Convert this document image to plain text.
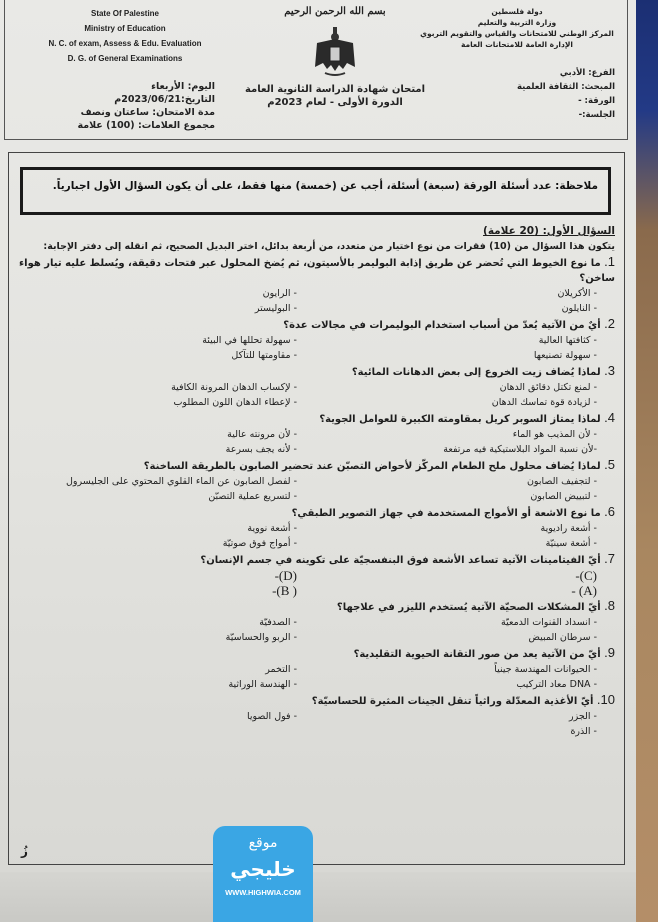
State Of Palestine
Ministry of Education
N. C. of exam, Assess & Edu. Evaluation
D. G. of General Examinations
اليوم: الأربعاء
التاريخ:2023/06/21م
مدة الامتحان: ساعتان ونصف
مجموع العلامات: (100) علامة
بسم الله الرحمن الرحيم
امتحان شهادة الدراسة الثانوية العامة
الدورة الأولى - لعام 2023م
دولة فلسطين
وزارة التربية والتعليم
المركز الوطني للامتحانات والقياس والتقويم التربوي
الإدارة العامة للامتحانات العامة
الفرع: الأدبي
المبحث: الثقافة العلمية
الورقة: -
الجلسة:-
ملاحظة: عدد أسئلة الورقة (سبعة) أسئلة، أجب عن (خمسة) منها فقط، على أن يكون السؤال الأول اجبارياً.
السؤال الأول: (20 علامة)
يتكون هذا السؤال من (10) فقرات من نوع اختيار من متعدد، من أربعة بدائل، اختر البديل الصحيح، ثم انقله إلى دفتر الإجابة:
1. ما نوع الخيوط التي تُحضر عن طريق إذابة البوليمر بالأسيتون، ثم يُضخ المحلول عبر فتحات دقيقة، ويُسلط عليه تيار هواء ساخن؟
- الأكريلان
- الرايون
- النايلون
- البوليستر
2. أيٌ من الآتية يُعدّ من أسباب استخدام البوليمرات في مجالات عدة؟
- كثافتها العالية
- سهولة تحللها في البيئة
- سهولة تصنيعها
- مقاومتها للتآكل
3. لماذا يُضاف زيت الخروع إلى بعض الدهانات المائية؟
- لمنع تكتل دقائق الدهان
- لإكساب الدهان المرونة الكافية
- لزيادة قوة تماسك الدهان
- لإعطاء الدهان اللون المطلوب
4. لماذا يمتاز السوبر كريل بمقاومته الكبيرة للعوامل الجوية؟
- لأن المذيب هو الماء
- لأن مرونته عالية
-لأن نسبة المواد البلاستيكية فيه مرتفعة
- لأنه يجف بسرعة
5. لماذا يُضاف محلول ملح الطعام المركّز لأحواض التصبّن عند تحضير الصابون بالطريقة الساخنة؟
- لتجفيف الصابون
- لفصل الصابون عن الماء القلوي المحتوي على الجليسرول
- لتبييض الصابون
- لتسريع عملية التصبّن
6. ما نوع الاشعة أو الأمواج المستخدمة في جهاز التصوير الطبقي؟
- أشعة راديوية
- أشعة نووية
- أشعة سينيّة
- أمواج فوق صوتيّة
7. أيّ الفيتامينات الآتية تساعد الأشعة فوق البنفسجيّة على تكوينه في جسم الإنسان؟
(C)-
(D)-
(A) -
( B)-
8. أيّ المشكلات الصحيّة الآتية يُستخدم الليزر في علاجها؟
- انسداد القنوات الدمعيّة
- الصدفيّة
- سرطان المبيض
- الربو والحساسيّة
9. أيّ من الآتية يعد من صور التقانة الحيوية التقليدية؟
- الحيوانات المهندسة جينياً
- التخمر
- DNA معاد التركيب
- الهندسة الوراثية
10. أيّ الأغذية المعدّلة وراثياً تنقل الجينات المثيرة للحساسيّة؟
- الجزر
- فول الصويا
- الذرة
زُ	موقع
خليجي
WWW.HIGHWIA.COM
